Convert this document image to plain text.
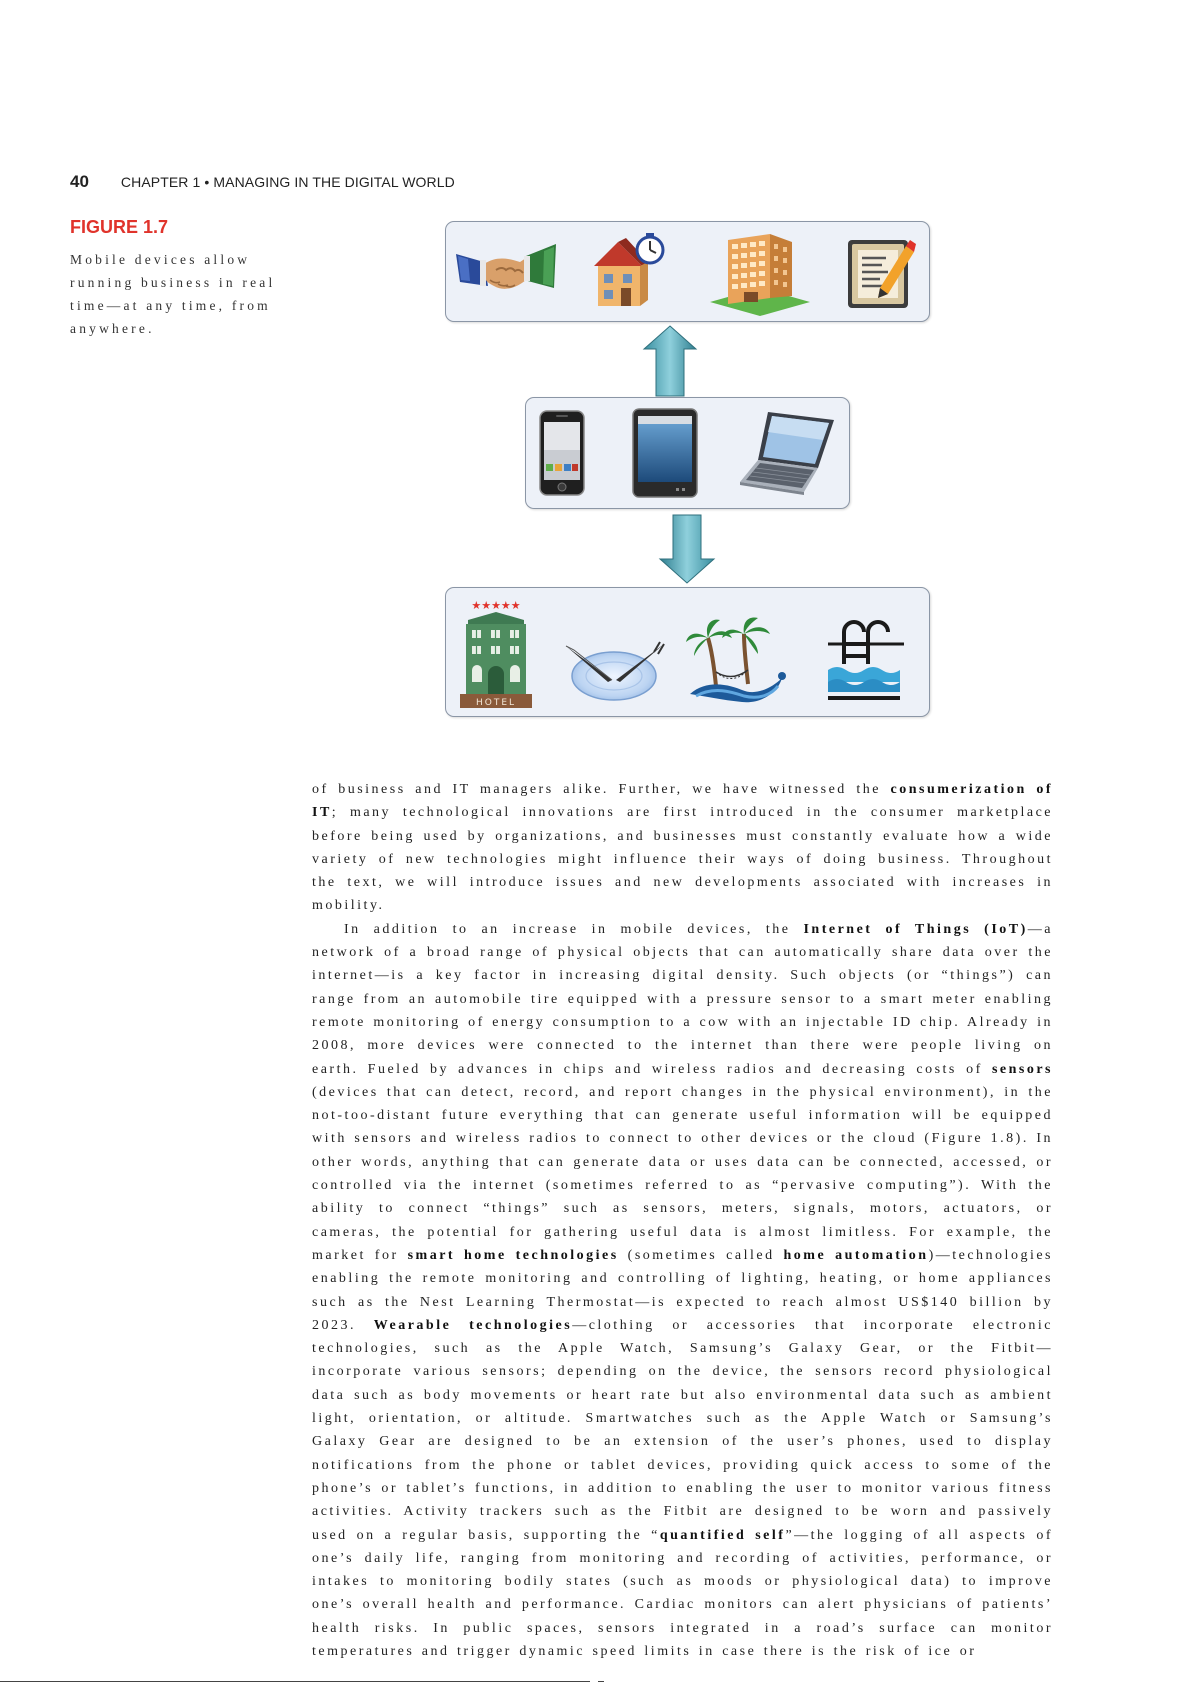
40 CHAPTER 1 • MANAGING IN THE DIGITAL WORLD
FIGURE 1.7
Mobile devices allow running business in real time—at any time, from anywhere.
★★★★★
HOTEL

of business and IT managers alike. Further, we have witnessed the consumerization of IT; many technological innovations are first introduced in the consumer marketplace before being used by organizations, and businesses must constantly evaluate how a wide variety of new technologies might influence their ways of doing business. Throughout the text, we will introduce issues and new developments associated with increases in mobility.

In addition to an increase in mobile devices, the Internet of Things (IoT)—a network of a broad range of physical objects that can automatically share data over the internet—is a key factor in increasing digital density. Such objects (or “things”) can range from an automobile tire equipped with a pressure sensor to a smart meter enabling remote monitoring of energy consumption to a cow with an injectable ID chip. Already in 2008, more devices were connected to the internet than there were people living on earth. Fueled by advances in chips and wireless radios and decreasing costs of sensors (devices that can detect, record, and report changes in the physical environment), in the not-too-distant future everything that can generate useful information will be equipped with sensors and wireless radios to connect to other devices or the cloud (Figure 1.8). In other words, anything that can generate data or uses data can be connected, accessed, or controlled via the internet (sometimes referred to as “pervasive computing”). With the ability to connect “things” such as sensors, meters, signals, motors, actuators, or cameras, the potential for gathering useful data is almost limitless. For example, the market for smart home technologies (sometimes called home automation)—technologies enabling the remote monitoring and controlling of lighting, heating, or home appliances such as the Nest Learning Thermostat—is expected to reach almost US$140 billion by 2023. Wearable technologies—clothing or accessories that incorporate electronic technologies, such as the Apple Watch, Samsung’s Galaxy Gear, or the Fitbit—incorporate various sensors; depending on the device, the sensors record physiological data such as body movements or heart rate but also environmental data such as ambient light, orientation, or altitude. Smartwatches such as the Apple Watch or Samsung’s Galaxy Gear are designed to be an extension of the user’s phones, used to display notifications from the phone or tablet devices, providing quick access to some of the phone’s or tablet’s functions, in addition to enabling the user to monitor various fitness activities. Activity trackers such as the Fitbit are designed to be worn and passively used on a regular basis, supporting the “quantified self”—the logging of all aspects of one’s daily life, ranging from monitoring and recording of activities, performance, or intakes to monitoring bodily states (such as moods or physiological data) to improve one’s overall health and performance. Cardiac monitors can alert physicians of patients’ health risks. In public spaces, sensors integrated in a road’s surface can monitor temperatures and trigger dynamic speed limits in case there is the risk of ice or
